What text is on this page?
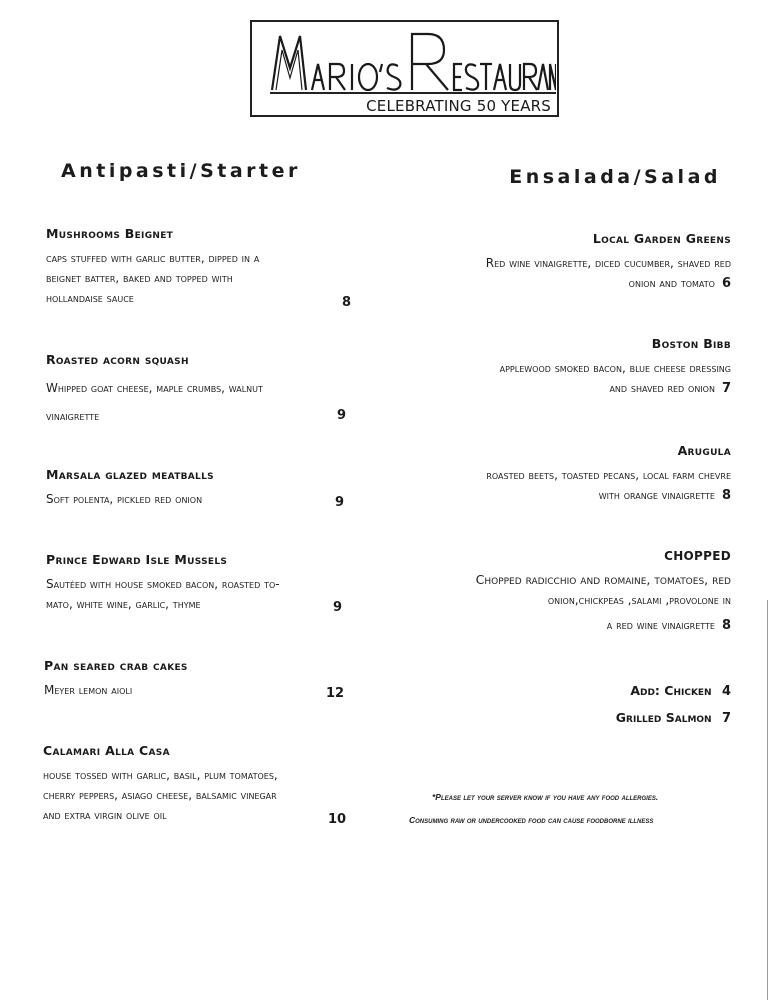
CELEBRATING 50 YEARS
Antipasti/Starter	Ensalada/Salad
Mushrooms Beignet
caps stuffed with garlic butter, dipped in a
beignet batter, baked and topped with
hollandaise sauce	8
Roasted acorn squash
Whipped goat cheese, maple crumbs, walnut
vinaigrette	9
Marsala glazed meatballs
Soft polenta, pickled red onion	9
Prince Edward Isle Mussels
Sautéed with house smoked bacon, roasted to-
mato, white wine, garlic, thyme	9
Pan seared crab cakes
Meyer lemon aioli	12
Calamari Alla Casa
house tossed with garlic, basil, plum tomatoes,
cherry peppers, asiago cheese, balsamic vinegar
and extra virgin olive oil	10
Local Garden Greens
Red wine vinaigrette, diced cucumber, shaved red
onion and tomato 6
Boston Bibb
applewood smoked bacon, blue cheese dressing
and shaved red onion 7
Arugula
roasted beets, toasted pecans, local farm chevre
with orange vinaigrette 8
CHOPPED
Chopped radicchio and romaine, tomatoes, red
onion,chickpeas ,salami ,provolone in
a red wine vinaigrette 8
Add: Chicken 4
Grilled Salmon 7
*Please let your server know if you have any food allergies.
Consuming raw or undercooked food can cause foodborne illness
